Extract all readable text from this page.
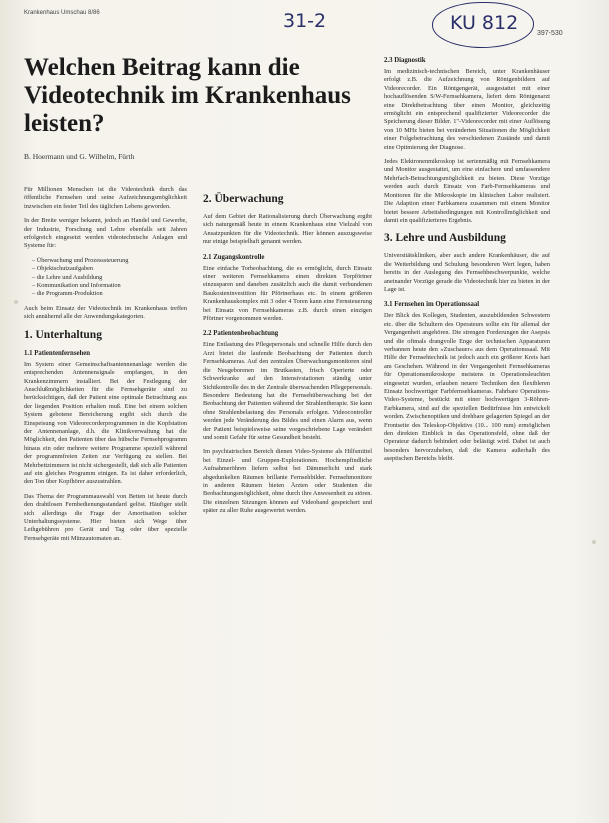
Krankenhaus Umschau 8/86	31-2	KU 812	397-530
Welchen Beitrag kann die Videotechnik im Krankenhaus leisten?
B. Hoermann und G. Wilhelm, Fürth

Für Millionen Menschen ist die Videotechnik durch das öffentliche Fernsehen und seine Aufzeichnungsmöglichkeit inzwischen ein fester Teil des täglichen Lebens geworden.

In der Breite weniger bekannt, jedoch an Handel und Gewerbe, der Industrie, Forschung und Lehre ebenfalls seit Jahren erfolgreich eingesetzt werden videotechnische Anlagen und Systeme für:

– Überwachung und Prozesssteuerung
– Objektschutzaufgaben
– die Lehre und Ausbildung
– Kommunikation und Information
– die Programm-Produktion

Auch beim Einsatz der Videotechnik im Krankenhaus treffen sich annähernd alle der Anwendungskategorien.

1. Unterhaltung
1.1 Patientenfernsehen

Im System einer Gemeinschaftsantennenanlage werden die entsprechenden Antennensignale empfangen, in den Krankenzimmern installiert. Bei der Festlegung der Anschlußmöglichkeiten für die Fernsehgeräte sind zu berücksichtigen, daß der Patient eine optimale Betrachtung aus der liegenden Position erhalten muß. Eine bei einem solchen System gebotene Bereicherung ergibt sich durch die Einspeisung von Videorecorderprogrammen in die Kopfstation der Antennenanlage, d.h. die Klinikverwaltung hat die Möglichkeit, den Patienten über das hübsche Fernsehprogramm hinaus ein oder mehrere weitere Programme speziell während der programmfreien Zeiten zur Verfügung zu stellen. Bei Mehrbettzimmern ist nicht sichergestellt, daß sich alle Patienten auf ein gleiches Programm einigen. Es ist daher erforderlich, den Ton über Kopfhörer auszustrahlen.

Das Thema der Programmauswahl von Betten ist heute durch den drahtlosen Fernbedienungsstandard gelöst. Häufiger stellt sich allerdings die Frage der Amortisation solcher Unterhaltungssysteme. Hier bieten sich Wege über Leihgebühren pro Gerät und Tag oder über spezielle Fernsehgeräte mit Münzautomaten an.

2. Überwachung

Auf dem Gebiet der Rationalisierung durch Überwachung ergibt sich naturgemäß heute in einem Krankenhaus eine Vielzahl von Ansatzpunkten für die Videotechnik. Hier können auszugsweise nur einige beispielhaft genannt werden.

2.1 Zugangskontrolle

Eine einfache Torbeobachtung, die es ermöglicht, durch Einsatz einer weiteren Fernsehkamera einen direkten Torpförtner einzusparen und daneben zusätzlich auch die damit verbundenen Baukosteninvestition für Pförtnerhaus etc. In einem größeren Krankenhauskomplex mit 3 oder 4 Toren kann eine Fernsteuerung bei Einsatz von Fernsehkameras z.B. durch einen einzigen Pförtner vorgenommen werden.

2.2 Patientenbeobachtung

Eine Entlastung des Pflegepersonals und schnelle Hilfe durch den Arzt bietet die laufende Beobachtung der Patienten durch Fernsehkameras. Auf den zentralen Überwachungsmonitoren sind die Neugeborenen im Brutkasten, frisch Operierte oder Schwerkranke auf den Intensivstationen ständig unter Sichtkontrolle des in der Zentrale überwachenden Pflegepersonals. Besondere Bedeutung hat die Fernsehüberwachung bei der Beobachtung der Patienten während der Strahlentherapie. Sie kann ohne Strahlenbelastung des Personals erfolgen. Videocontroller werden jede Veränderung des Bildes und einen Alarm aus, wenn der Patient beispielsweise seine vorgeschriebene Lage verändert und somit Gefahr für seine Gesundheit besteht.

Im psychiatrischen Bereich dienen Video-Systeme als Hilfsmittel bei Einzel- und Gruppen-Explorationen. Hochempfindliche Aufnahmeröhren liefern selbst bei Dämmerlicht und stark abgedunkelten Räumen brillante Fernsehbilder. Fernsehmonitore in anderen Räumen bieten Ärzten oder Studenten die Beobachtungsmöglichkeit, ohne durch ihre Anwesenheit zu stören. Die einzelnen Sitzungen können auf Videoband gespeichert und später zu aller Ruhe ausgewertet werden.

2.3 Diagnostik

Im medizinisch-technischen Bereich, unter Krankenhäuser erfolgt z.B. die Aufzeichnung von Röntgenbildern auf Videorecorder. Ein Röntgengerät, ausgestattet mit einer hochauflösenden S/W-Fernsehkamera, liefert dem Röntgenarzt eine Direktbetrachtung über einen Monitor, gleichzeitig ermöglicht ein entsprechend qualifizierter Videorecorder die Speicherung dieser Bilder. 1"-Videorecorder mit einer Auflösung von 10 MHz bieten bei veränderten Situationen die Möglichkeit einer Folgebetrachtung des verschiedenen Zustände und damit eine Optimierung der Diagnose.

Jedes Elektronenmikroskop ist serienmäßig mit Fernsehkamera und Monitor ausgestattet, um eine einfachere und umfassendere Mehrfach-Betrachtungsmöglichkeit zu bieten. Diese Vorzüge werden auch durch Einsatz von Farb-Fernsehkameras und Monitoren für die Mikroskopie im klinischen Labor realisiert. Die Adaption einer Farbkamera zusammen mit einem Monitor bietet bessere Arbeitsbedingungen mit Kontrollmöglichkeit und damit ein qualifizierteres Ergebnis.

3. Lehre und Ausbildung

Universitätskliniken, aber auch andere Krankenhäuser, die auf die Weiterbildung und Schulung besonderen Wert legen, haben bereits in der Auslegung des Fernsehbeschwerpunkte, welche aneinander Vorzüge gerade die Videotechnik hier zu bieten in der Lage ist.

3.1 Fernsehen im Operationssaal

Der Blick des Kollegen, Studenten, auszubildenden Schwestern etc. über die Schultern des Operateurs sollte ein für allemal der Vergangenheit angehören. Die strengen Forderungen der Asepsis und die oftmals drangvolle Enge der technischen Apparaturen verbannen heute den »Zuschauer« aus dem Operationssaal. Mit Hilfe der Fernsehtechnik ist jedoch auch ein größerer Kreis hart am Geschehen. Während in der Vergangenheit Fernsehkameras für Operationsmikroskope meistens in Operationsleuchten eingesetzt wurden, erlauben neuere Techniken den flexibleren Einsatz hochwertiger Farbfernsehkameras. Fahrbare Operations-Video-Systeme, bestückt mit einer hochwertigen 3-Röhren-Farbkamera, sind auf die speziellen Bedürfnisse hin entwickelt worden. Zwischenoptiken und drehbare gelagerten Spiegel an der Frontseite des Teleskop-Objektivs (10... 100 mm) ermöglichen den direkten Einblick in das Operationsfeld, ohne daß der Operateur dadurch behindert oder belästigt wird. Dabei ist auch besonders hervorzuheben, daß die Kamera außerhalb des aseptischen Bereichs bleibt.
